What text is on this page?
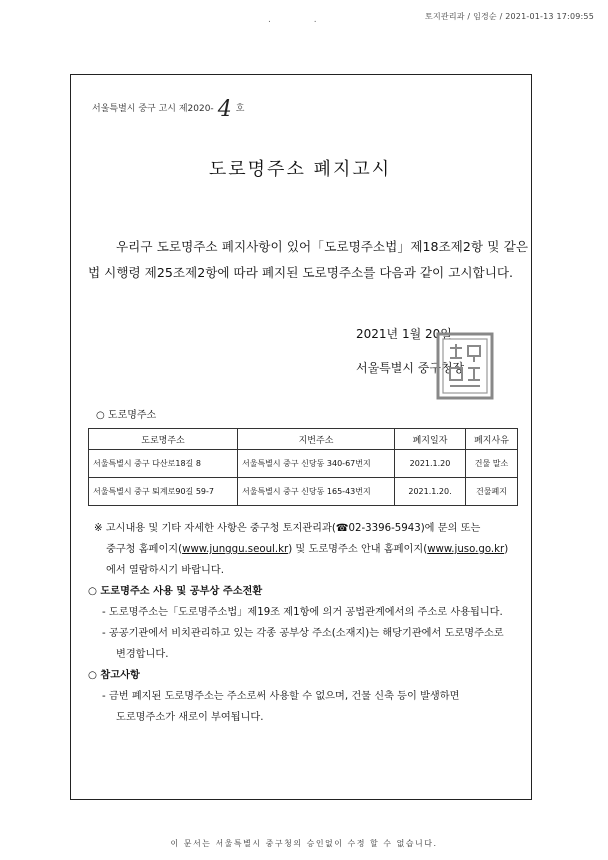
토지관리과 / 임경순 / 2021-01-13 17:09:55
. .
서울특별시 중구 고시 제2020- 4 호
도로명주소 폐지고시
우리구 도로명주소 폐지사항이 있어「도로명주소법」제18조제2항 및 같은 법 시행령 제25조제2항에 따라 폐지된 도로명주소를 다음과 같이 고시합니다.
2021년 1월 20일
서울특별시 중구청장
○ 도로명주소
도로명주소	지번주소	폐지일자	폐지사유
서울특별시 중구 다산로18길 8	서울특별시 중구 신당동 340-67번지	2021.1.20	건물 말소
서울특별시 중구 퇴계로90길 59-7	서울특별시 중구 신당동 165-43번지	2021.1.20.	건물폐지
※ 고시내용 및 기타 자세한 사항은 중구청 토지관리과(☎02-3396-5943)에 문의 또는
중구청 홈페이지(www.junggu.seoul.kr) 및 도로명주소 안내 홈페이지(www.juso.go.kr)
에서 열람하시기 바랍니다.
○ 도로명주소 사용 및 공부상 주소전환
- 도로명주소는「도로명주소법」제19조 제1항에 의거 공법관계에서의 주소로 사용됩니다.
- 공공기관에서 비치관리하고 있는 각종 공부상 주소(소재지)는 해당기관에서 도로명주소로
변경합니다.
○ 참고사항
- 금번 폐지된 도로명주소는 주소로써 사용할 수 없으며, 건물 신축 등이 발생하면
도로명주소가 새로이 부여됩니다.
이 문서는 서울특별시 중구청의 승인없이 수정 할 수 없습니다.
